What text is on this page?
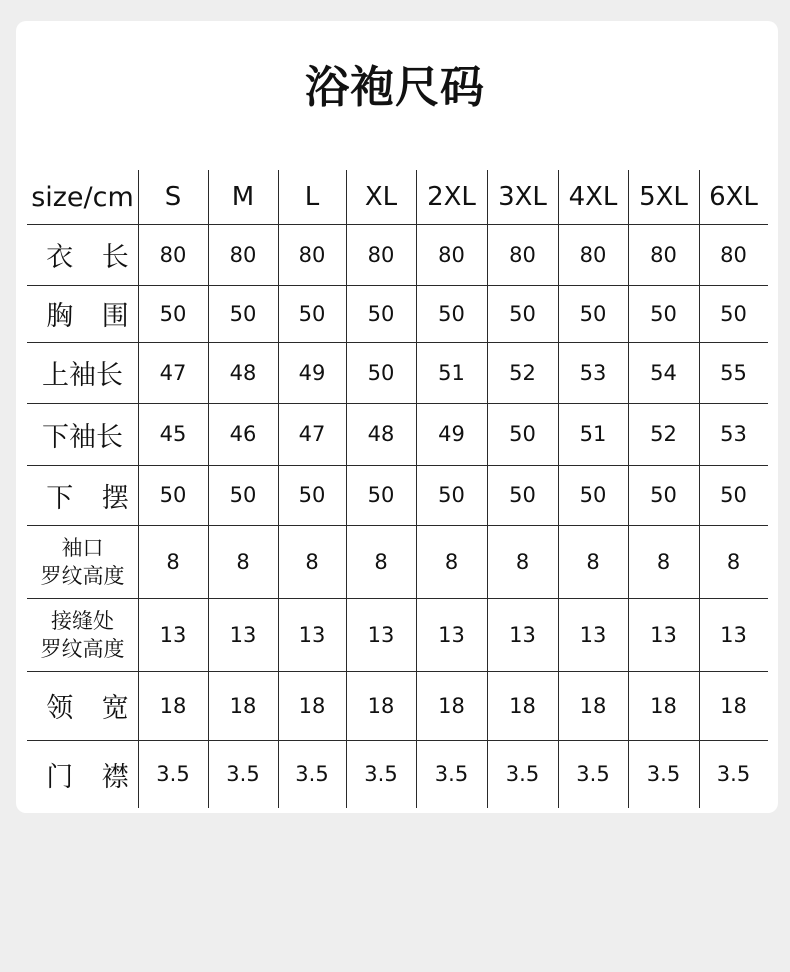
浴袍尺码
size/cm	S	M	L	XL	2XL 3XL 4XL 5XL 6XL
衣 长 80	80	80	80	80	80	80	80	80
胸 围 50	50	50	50	50	50	50	50	50
上袖长	47	48	49	50	51	52	53	54	55
下袖长	45	46	47	48	49	50	51	52	53
下 摆 50	50	50	50	50	50	50	50	50
袖口
罗纹高度
8	8	8	8	8	8	8	8	8
接缝处
罗纹高度
13	13	13	13	13	13	13	13	13
领 宽 18	18	18	18	18	18	18	18	18
门 襟 3.5	3.5	3.5	3.5	3.5	3.5	3.5	3.5	3.5
